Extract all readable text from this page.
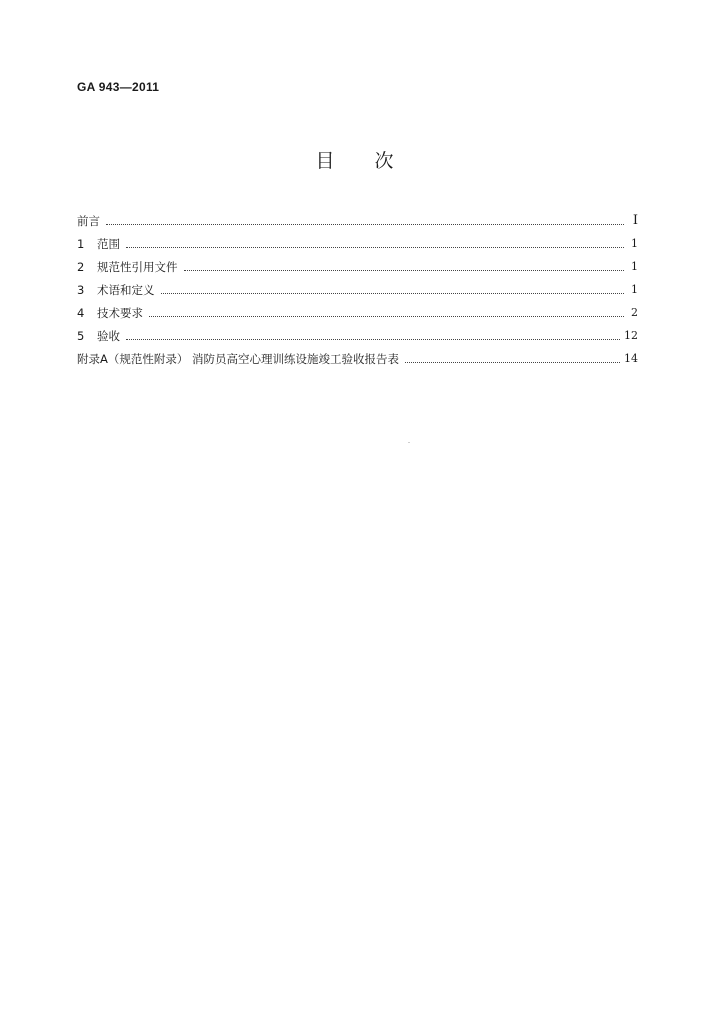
GA 943—2011
目次
前言	Ⅰ
1 范围	1
2 规范性引用文件	1
3 术语和定义	1
4 技术要求	2
5 验收	12
附录A（规范性附录） 消防员高空心理训练设施竣工验收报告表	14
